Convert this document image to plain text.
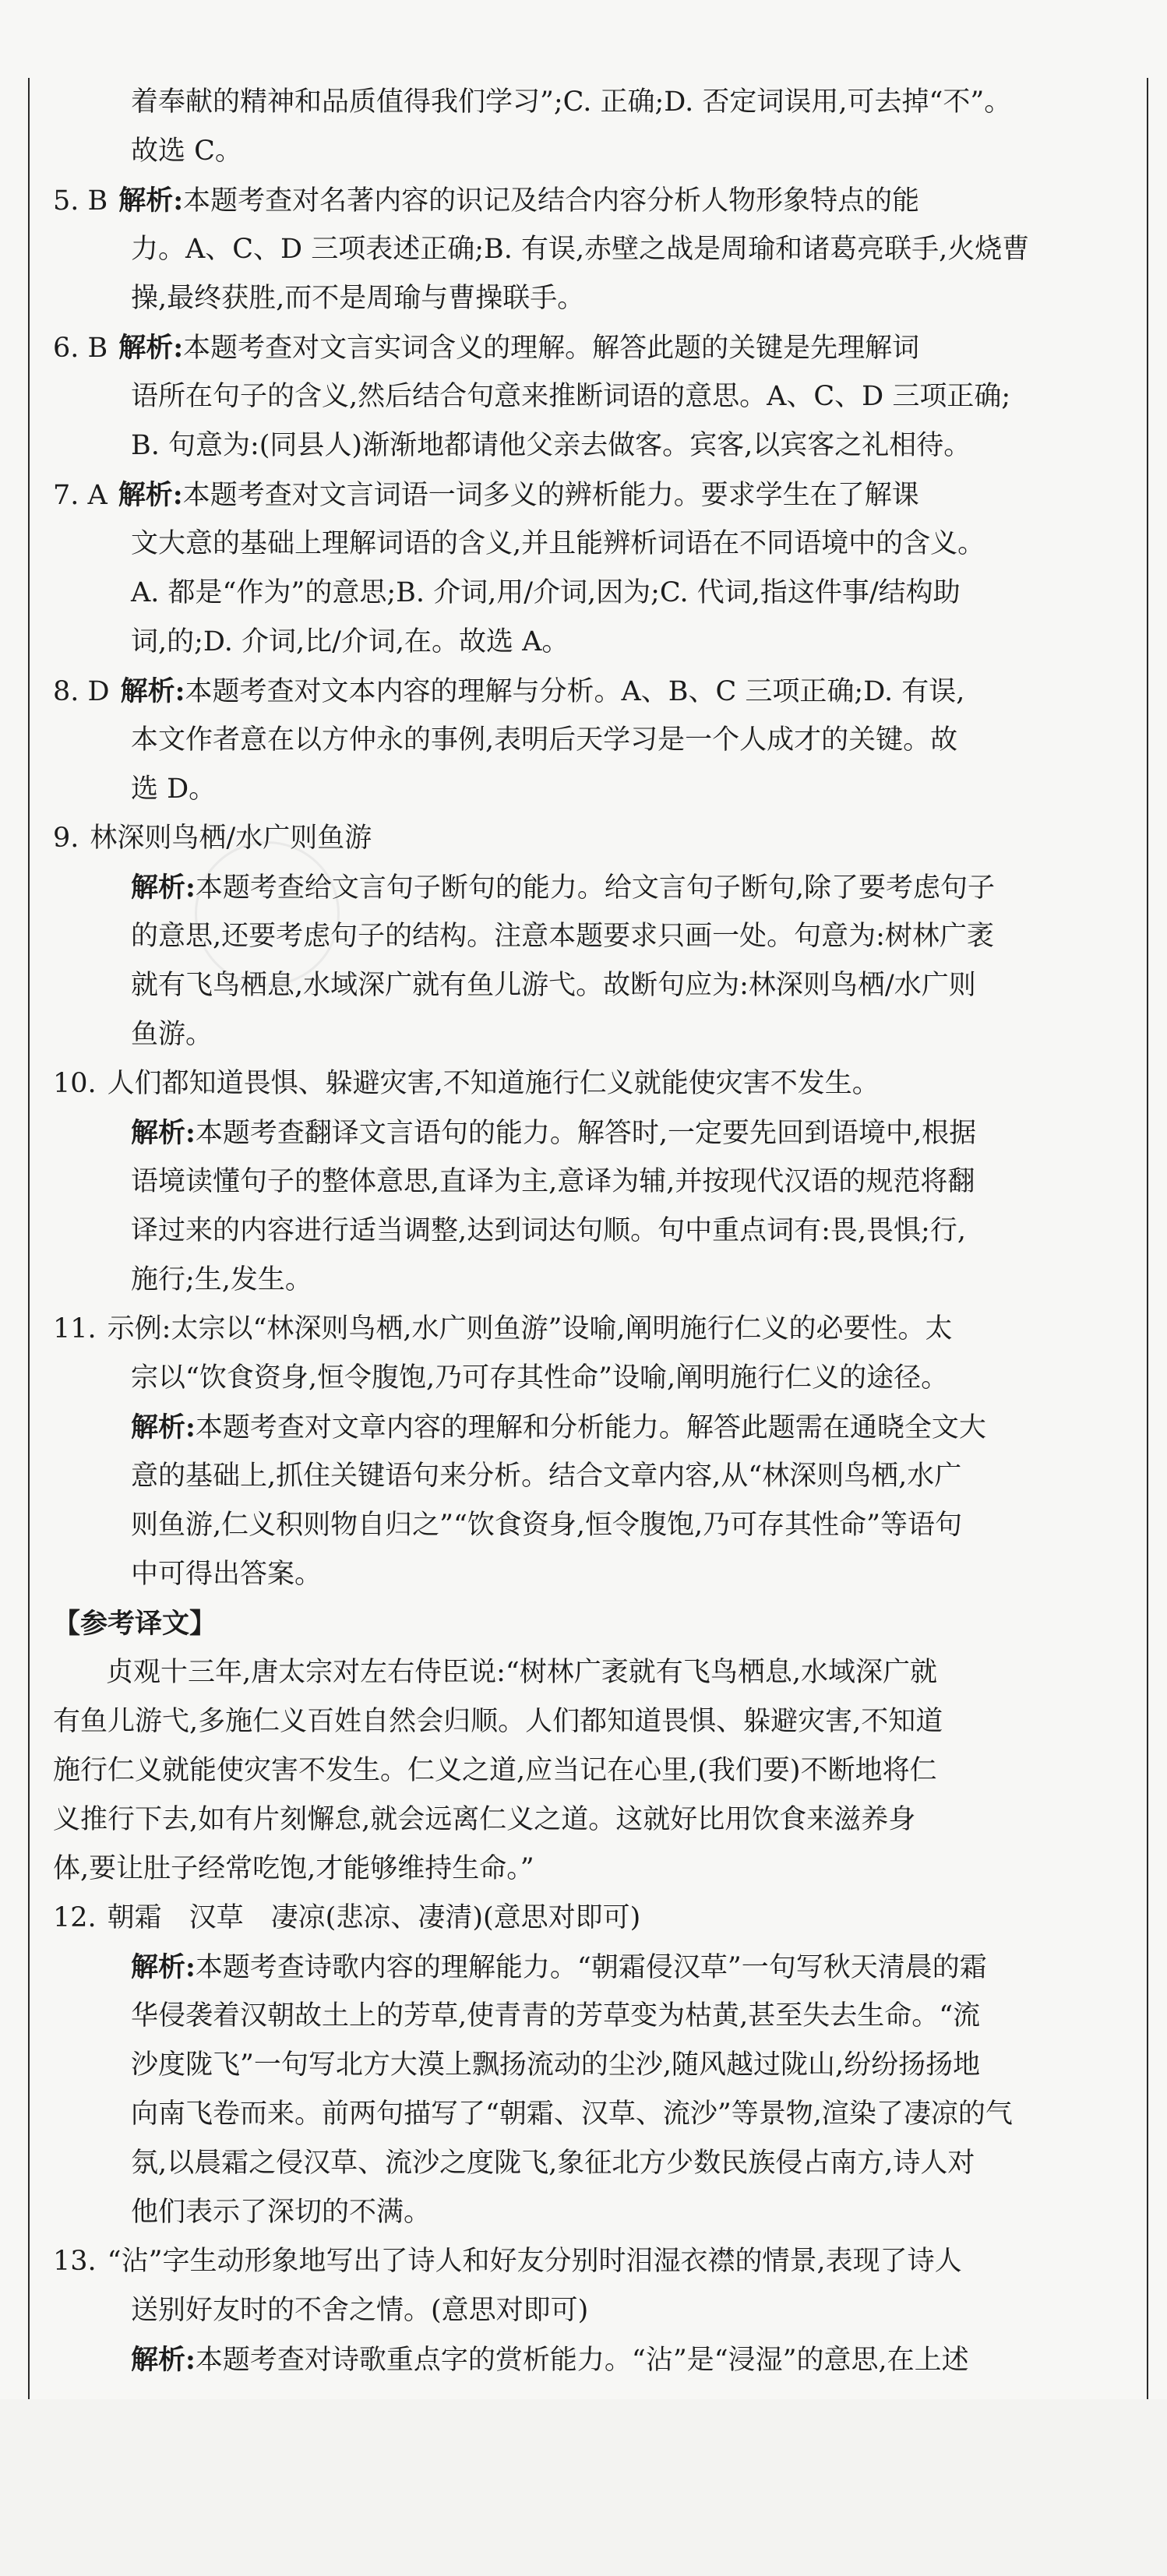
着奉献的精神和品质值得我们学习”;C. 正确;D. 否定词误用,可去掉“不”。
故选 C。
5. B 解析:本题考查对名著内容的识记及结合内容分析人物形象特点的能
力。A、C、D 三项表述正确;B. 有误,赤壁之战是周瑜和诸葛亮联手,火烧曹
操,最终获胜,而不是周瑜与曹操联手。
6. B 解析:本题考查对文言实词含义的理解。解答此题的关键是先理解词
语所在句子的含义,然后结合句意来推断词语的意思。A、C、D 三项正确;
B. 句意为:(同县人)渐渐地都请他父亲去做客。宾客,以宾客之礼相待。
7. A 解析:本题考查对文言词语一词多义的辨析能力。要求学生在了解课
文大意的基础上理解词语的含义,并且能辨析词语在不同语境中的含义。
A. 都是“作为”的意思;B. 介词,用/介词,因为;C. 代词,指这件事/结构助
词,的;D. 介词,比/介词,在。故选 A。
8. D 解析:本题考查对文本内容的理解与分析。A、B、C 三项正确;D. 有误,
本文作者意在以方仲永的事例,表明后天学习是一个人成才的关键。故
选 D。
9. 林深则鸟栖/水广则鱼游
解析:本题考查给文言句子断句的能力。给文言句子断句,除了要考虑句子
的意思,还要考虑句子的结构。注意本题要求只画一处。句意为:树林广袤
就有飞鸟栖息,水域深广就有鱼儿游弋。故断句应为:林深则鸟栖/水广则
鱼游。
10. 人们都知道畏惧、躲避灾害,不知道施行仁义就能使灾害不发生。
解析:本题考查翻译文言语句的能力。解答时,一定要先回到语境中,根据
语境读懂句子的整体意思,直译为主,意译为辅,并按现代汉语的规范将翻
译过来的内容进行适当调整,达到词达句顺。句中重点词有:畏,畏惧;行,
施行;生,发生。
11. 示例:太宗以“林深则鸟栖,水广则鱼游”设喻,阐明施行仁义的必要性。太
宗以“饮食资身,恒令腹饱,乃可存其性命”设喻,阐明施行仁义的途径。
解析:本题考查对文章内容的理解和分析能力。解答此题需在通晓全文大
意的基础上,抓住关键语句来分析。结合文章内容,从“林深则鸟栖,水广
则鱼游,仁义积则物自归之”“饮食资身,恒令腹饱,乃可存其性命”等语句
中可得出答案。
【参考译文】
贞观十三年,唐太宗对左右侍臣说:“树林广袤就有飞鸟栖息,水域深广就
有鱼儿游弋,多施仁义百姓自然会归顺。人们都知道畏惧、躲避灾害,不知道
施行仁义就能使灾害不发生。仁义之道,应当记在心里,(我们要)不断地将仁
义推行下去,如有片刻懈怠,就会远离仁义之道。这就好比用饮食来滋养身
体,要让肚子经常吃饱,才能够维持生命。”
12. 朝霜　汉草　凄凉(悲凉、凄清)(意思对即可)
解析:本题考查诗歌内容的理解能力。“朝霜侵汉草”一句写秋天清晨的霜
华侵袭着汉朝故土上的芳草,使青青的芳草变为枯黄,甚至失去生命。“流
沙度陇飞”一句写北方大漠上飘扬流动的尘沙,随风越过陇山,纷纷扬扬地
向南飞卷而来。前两句描写了“朝霜、汉草、流沙”等景物,渲染了凄凉的气
氛,以晨霜之侵汉草、流沙之度陇飞,象征北方少数民族侵占南方,诗人对
他们表示了深切的不满。
13. “沾”字生动形象地写出了诗人和好友分别时泪湿衣襟的情景,表现了诗人
送别好友时的不舍之情。(意思对即可)
解析:本题考查对诗歌重点字的赏析能力。“沾”是“浸湿”的意思,在上述
